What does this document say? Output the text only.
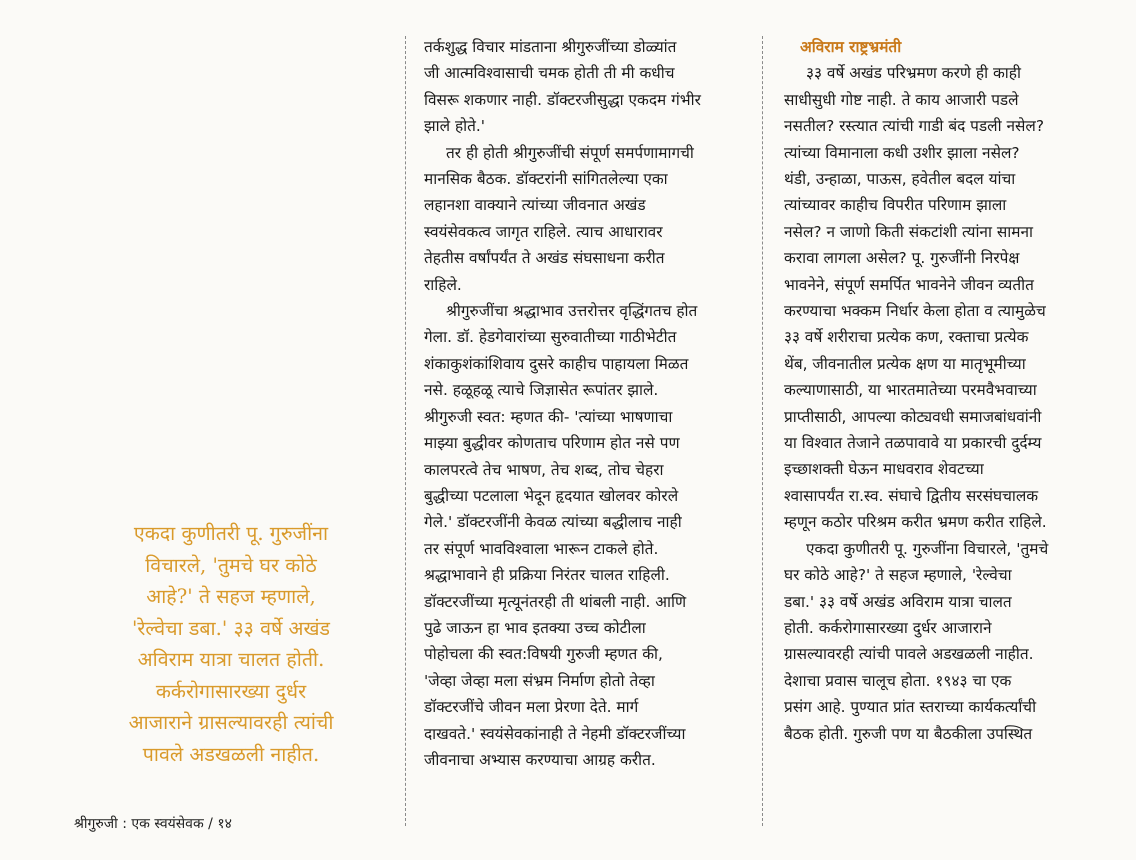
एकदा कुणीतरी पू. गुरुजींना
विचारले, 'तुमचे घर कोठे
आहे?' ते सहज म्हणाले,
'रेल्वेचा डबा.' ३३ वर्षे अखंड
अविराम यात्रा चालत होती.
कर्करोगासारख्या दुर्धर
आजाराने ग्रासल्यावरही त्यांची
पावले अडखळली नाहीत.
तर्कशुद्ध विचार मांडताना श्रीगुरुजींच्या डोळ्यांत
जी आत्मविश्वासाची चमक होती ती मी कधीच
विसरू शकणार नाही. डॉक्टरजीसुद्धा एकदम गंभीर
झाले होते.'
तर ही होती श्रीगुरुजींची संपूर्ण समर्पणामागची
मानसिक बैठक. डॉक्टरांनी सांगितलेल्या एका
लहानशा वाक्याने त्यांच्या जीवनात अखंड
स्वयंसेवकत्व जागृत राहिले. त्याच आधारावर
तेहतीस वर्षांपर्यंत ते अखंड संघसाधना करीत
राहिले.
श्रीगुरुजींचा श्रद्धाभाव उत्तरोत्तर वृद्धिंगतच होत
गेला. डॉ. हेडगेवारांच्या सुरुवातीच्या गाठीभेटीत
शंकाकुशंकांशिवाय दुसरे काहीच पाहायला मिळत
नसे. हळूहळू त्याचे जिज्ञासेत रूपांतर झाले.
श्रीगुरुजी स्वत: म्हणत की- 'त्यांच्या भाषणाचा
माझ्या बुद्धीवर कोणताच परिणाम होत नसे पण
कालपरत्वे तेच भाषण, तेच शब्द, तोच चेहरा
बुद्धीच्या पटलाला भेदून हृदयात खोलवर कोरले
गेले.' डॉक्टरजींनी केवळ त्यांच्या बद्धीलाच नाही
तर संपूर्ण भावविश्वाला भारून टाकले होते.
श्रद्धाभावाने ही प्रक्रिया निरंतर चालत राहिली.
डॉक्टरजींच्या मृत्यूनंतरही ती थांबली नाही. आणि
पुढे जाऊन हा भाव इतक्या उच्च कोटीला
पोहोचला की स्वत:विषयी गुरुजी म्हणत की,
'जेव्हा जेव्हा मला संभ्रम निर्माण होतो तेव्हा
डॉक्टरजींचे जीवन मला प्रेरणा देते. मार्ग
दाखवते.' स्वयंसेवकांनाही ते नेहमी डॉक्टरजींच्या
जीवनाचा अभ्यास करण्याचा आग्रह करीत.
अविराम राष्ट्रभ्रमंती
३३ वर्षे अखंड परिभ्रमण करणे ही काही
साधीसुधी गोष्ट नाही. ते काय आजारी पडले
नसतील? रस्त्यात त्यांची गाडी बंद पडली नसेल?
त्यांच्या विमानाला कधी उशीर झाला नसेल?
थंडी, उन्हाळा, पाऊस, हवेतील बदल यांचा
त्यांच्यावर काहीच विपरीत परिणाम झाला
नसेल? न जाणो किती संकटांशी त्यांना सामना
करावा लागला असेल? पू. गुरुजींनी निरपेक्ष
भावनेने, संपूर्ण समर्पित भावनेने जीवन व्यतीत
करण्याचा भक्कम निर्धार केला होता व त्यामुळेच
३३ वर्षे शरीराचा प्रत्येक कण, रक्ताचा प्रत्येक
थेंब, जीवनातील प्रत्येक क्षण या मातृभूमीच्या
कल्याणासाठी, या भारतमातेच्या परमवैभवाच्या
प्राप्तीसाठी, आपल्या कोट्यवधी समाजबांधवांनी
या विश्वात तेजाने तळपावावे या प्रकारची दुर्दम्य
इच्छाशक्ती घेऊन माधवराव शेवटच्या
श्वासापर्यंत रा.स्व. संघाचे द्वितीय सरसंघचालक
म्हणून कठोर परिश्रम करीत भ्रमण करीत राहिले.
एकदा कुणीतरी पू. गुरुजींना विचारले, 'तुमचे
घर कोठे आहे?' ते सहज म्हणाले, 'रेल्वेचा
डबा.' ३३ वर्षे अखंड अविराम यात्रा चालत
होती. कर्करोगासारख्या दुर्धर आजाराने
ग्रासल्यावरही त्यांची पावले अडखळली नाहीत.
देशाचा प्रवास चालूच होता. १९४३ चा एक
प्रसंग आहे. पुण्यात प्रांत स्तराच्या कार्यकर्त्यांची
बैठक होती. गुरुजी पण या बैठकीला उपस्थित
श्रीगुरुजी : एक स्वयंसेवक / १४
